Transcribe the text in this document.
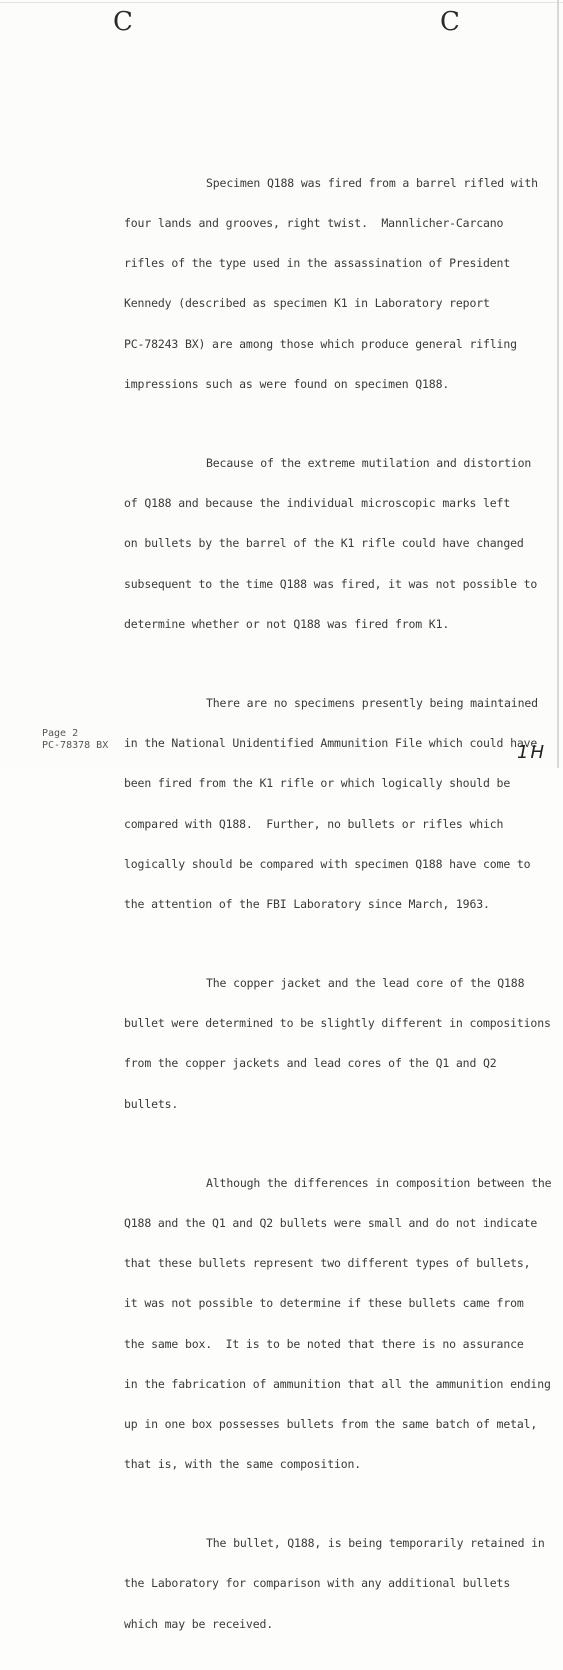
C	C

Specimen Q188 was fired from a barrel rifled with

four lands and grooves, right twist.  Mannlicher-Carcano

rifles of the type used in the assassination of President

Kennedy (described as specimen K1 in Laboratory report

PC-78243 BX) are among those which produce general rifling

impressions such as were found on specimen Q188.

Because of the extreme mutilation and distortion

of Q188 and because the individual microscopic marks left

on bullets by the barrel of the K1 rifle could have changed

subsequent to the time Q188 was fired, it was not possible to

determine whether or not Q188 was fired from K1.

There are no specimens presently being maintained

in the National Unidentified Ammunition File which could have

been fired from the K1 rifle or which logically should be

compared with Q188.  Further, no bullets or rifles which

logically should be compared with specimen Q188 have come to

the attention of the FBI Laboratory since March, 1963.

The copper jacket and the lead core of the Q188

bullet were determined to be slightly different in compositions

from the copper jackets and lead cores of the Q1 and Q2

bullets.

Although the differences in composition between the

Q188 and the Q1 and Q2 bullets were small and do not indicate

that these bullets represent two different types of bullets,

it was not possible to determine if these bullets came from

the same box.  It is to be noted that there is no assurance

in the fabrication of ammunition that all the ammunition ending

up in one box possesses bullets from the same batch of metal,

that is, with the same composition.

The bullet, Q188, is being temporarily retained in

the Laboratory for comparison with any additional bullets

which may be received.

Page 2
PC-78378 BX	1H
